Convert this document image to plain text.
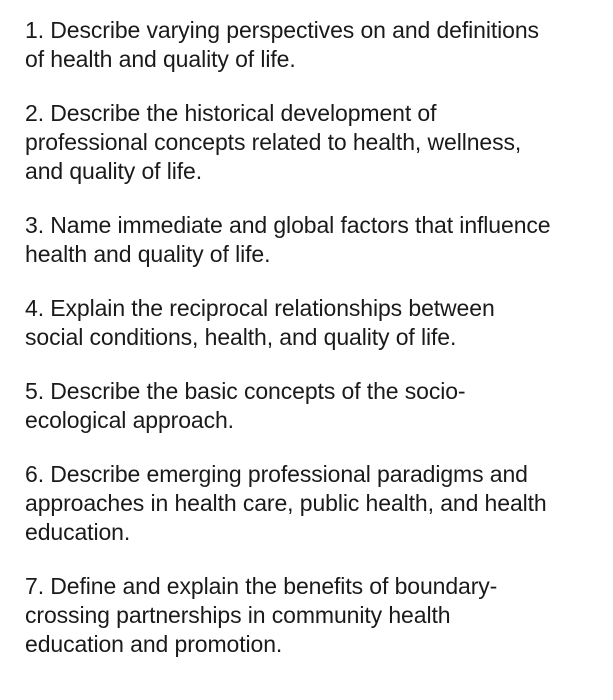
1. Describe varying perspectives on and definitions
of health and quality of life.

2. Describe the historical development of
professional concepts related to health, wellness,
and quality of life.

3. Name immediate and global factors that influence
health and quality of life.

4. Explain the reciprocal relationships between
social conditions, health, and quality of life.

5. Describe the basic concepts of the socio-
ecological approach.

6. Describe emerging professional paradigms and
approaches in health care, public health, and health
education.

7. Define and explain the benefits of boundary-
crossing partnerships in community health
education and promotion.
